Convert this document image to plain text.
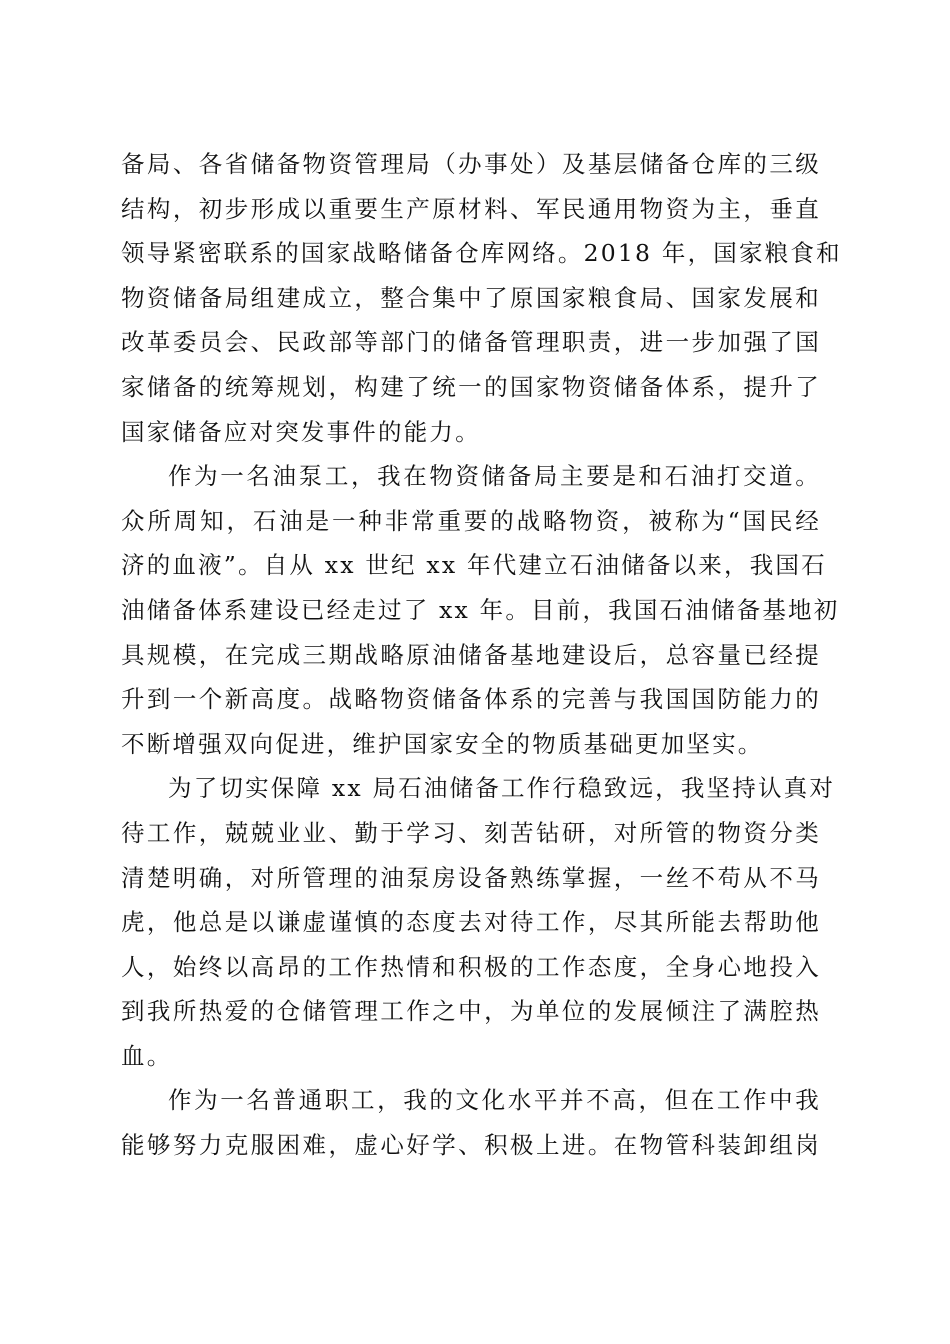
备局、各省储备物资管理局（办事处）及基层储备仓库的三级
结构，初步形成以重要生产原材料、军民通用物资为主，垂直
领导紧密联系的国家战略储备仓库网络。2018 年，国家粮食和
物资储备局组建成立，整合集中了原国家粮食局、国家发展和
改革委员会、民政部等部门的储备管理职责，进一步加强了国
家储备的统筹规划，构建了统一的国家物资储备体系，提升了
国家储备应对突发事件的能力。

作为一名油泵工，我在物资储备局主要是和石油打交道。
众所周知，石油是一种非常重要的战略物资，被称为“国民经
济的血液”。自从 xx 世纪 xx 年代建立石油储备以来，我国石
油储备体系建设已经走过了 xx 年。目前，我国石油储备基地初
具规模，在完成三期战略原油储备基地建设后，总容量已经提
升到一个新高度。战略物资储备体系的完善与我国国防能力的
不断增强双向促进，维护国家安全的物质基础更加坚实。

为了切实保障 xx 局石油储备工作行稳致远，我坚持认真对
待工作，兢兢业业、勤于学习、刻苦钻研，对所管的物资分类
清楚明确，对所管理的油泵房设备熟练掌握，一丝不苟从不马
虎，他总是以谦虚谨慎的态度去对待工作，尽其所能去帮助他
人，始终以高昂的工作热情和积极的工作态度，全身心地投入
到我所热爱的仓储管理工作之中，为单位的发展倾注了满腔热
血。

作为一名普通职工，我的文化水平并不高，但在工作中我
能够努力克服困难，虚心好学、积极上进。在物管科装卸组岗
